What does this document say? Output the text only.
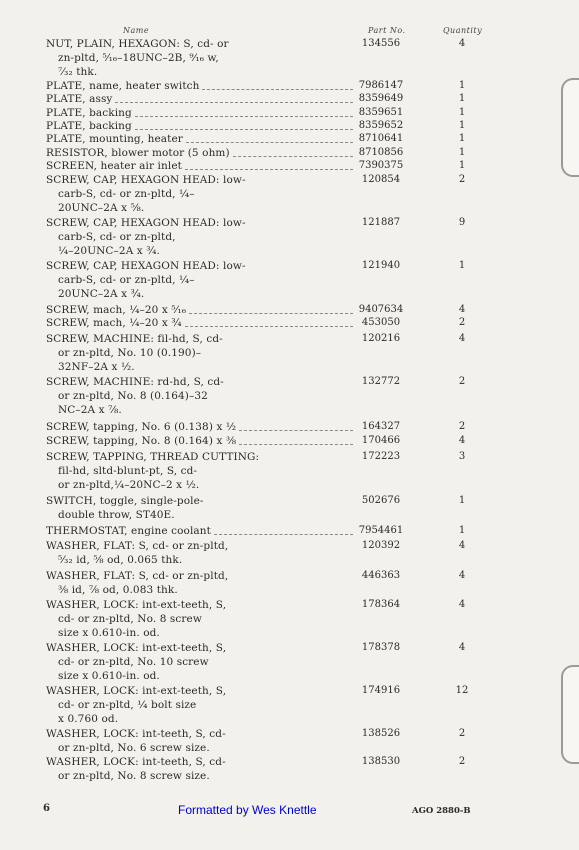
Name	Part No.	Quantity
NUT, PLAIN, HEXAGON: S, cd- or
zn-pltd, ⁵⁄₁₆–18UNC–2B, ⁹⁄₁₆ w,
⁷⁄₃₂ thk.
134556	4
PLATE, name, heater switch	7986147	1
PLATE, assy	8359649	1
PLATE, backing	8359651	1
PLATE, backing	8359652	1
PLATE, mounting, heater	8710641	1
RESISTOR, blower motor (5 ohm)	8710856	1
SCREEN, heater air inlet	7390375	1
SCREW, CAP, HEXAGON HEAD: low-
carb-S, cd- or zn-pltd, ¼–
20UNC–2A x ⅝.
120854	2
SCREW, CAP, HEXAGON HEAD: low-
carb-S, cd- or zn-pltd,
¼–20UNC–2A x ¾.
121887	9
SCREW, CAP, HEXAGON HEAD: low-
carb-S, cd- or zn-pltd, ¼–
20UNC–2A x ¾.
121940	1
SCREW, mach, ¼–20 x ⁵⁄₁₆	9407634	4
SCREW, mach, ¼–20 x ¾	453050	2
SCREW, MACHINE: fil-hd, S, cd-
or zn-pltd, No. 10 (0.190)–
32NF–2A x ½.
120216	4
SCREW, MACHINE: rd-hd, S, cd-
or zn-pltd, No. 8 (0.164)–32
NC–2A x ⅞.
132772	2
SCREW, tapping, No. 6 (0.138) x ½	164327	2
SCREW, tapping, No. 8 (0.164) x ⅜	170466	4
SCREW, TAPPING, THREAD CUTTING:
fil-hd, sltd-blunt-pt, S, cd-
or zn-pltd,¼–20NC–2 x ½.
172223	3
SWITCH, toggle, single-pole-
double throw, ST40E.
502676	1
THERMOSTAT, engine coolant	7954461	1
WASHER, FLAT: S, cd- or zn-pltd,
⁵⁄₃₂ id, ⅝ od, 0.065 thk.
120392	4
WASHER, FLAT: S, cd- or zn-pltd,
⅜ id, ⅞ od, 0.083 thk.
446363	4
WASHER, LOCK: int-ext-teeth, S,
cd- or zn-pltd, No. 8 screw
size x 0.610-in. od.
178364	4
WASHER, LOCK: int-ext-teeth, S,
cd- or zn-pltd, No. 10 screw
size x 0.610-in. od.
178378	4
WASHER, LOCK: int-ext-teeth, S,
cd- or zn-pltd, ¼ bolt size
x 0.760 od.
174916	12
WASHER, LOCK: int-teeth, S, cd-
or zn-pltd, No. 6 screw size.
138526	2
WASHER, LOCK: int-teeth, S, cd-
or zn-pltd, No. 8 screw size.
138530	2
6	Formatted by Wes Knettle	AGO 2880-B
